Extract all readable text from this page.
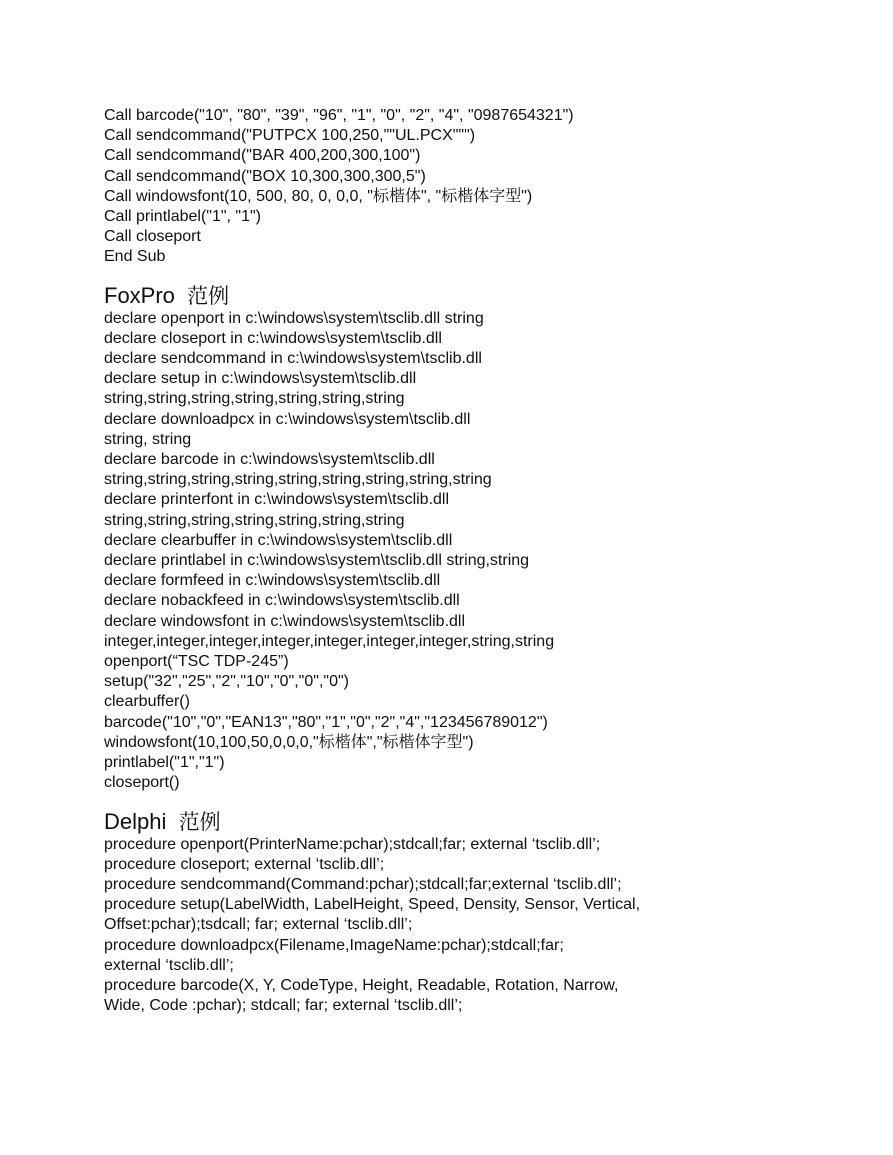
Call barcode("10", "80", "39", "96", "1", "0", "2", "4", "0987654321")
Call sendcommand("PUTPCX 100,250,""UL.PCX""")
Call sendcommand("BAR 400,200,300,100")
Call sendcommand("BOX 10,300,300,300,5")
Call windowsfont(10, 500, 80, 0, 0,0, "标楷体", "标楷体字型")
Call printlabel("1", "1")
Call closeport
End Sub
FoxPro 范例
declare openport in c:\windows\system\tsclib.dll string
declare closeport in c:\windows\system\tsclib.dll
declare sendcommand in c:\windows\system\tsclib.dll
declare setup in c:\windows\system\tsclib.dll
string,string,string,string,string,string,string
declare downloadpcx in c:\windows\system\tsclib.dll
string, string
declare barcode in c:\windows\system\tsclib.dll
string,string,string,string,string,string,string,string,string
declare printerfont in c:\windows\system\tsclib.dll
string,string,string,string,string,string,string
declare clearbuffer in c:\windows\system\tsclib.dll
declare printlabel in c:\windows\system\tsclib.dll string,string
declare formfeed in c:\windows\system\tsclib.dll
declare nobackfeed in c:\windows\system\tsclib.dll
declare windowsfont in c:\windows\system\tsclib.dll
integer,integer,integer,integer,integer,integer,integer,string,string
openport(“TSC TDP-245”)
setup("32","25","2","10","0","0","0")
clearbuffer()
barcode("10","0","EAN13","80","1","0","2","4","123456789012")
windowsfont(10,100,50,0,0,0,"标楷体","标楷体字型")
printlabel("1","1")
closeport()
Delphi 范例
procedure openport(PrinterName:pchar);stdcall;far; external ‘tsclib.dll’;
procedure closeport; external ‘tsclib.dll’;
procedure sendcommand(Command:pchar);stdcall;far;external ‘tsclib.dll’;
procedure setup(LabelWidth, LabelHeight, Speed, Density, Sensor, Vertical,
Offset:pchar);tsdcall; far; external ‘tsclib.dll’;
procedure downloadpcx(Filename,ImageName:pchar);stdcall;far;
external ‘tsclib.dll’;
procedure barcode(X, Y, CodeType, Height, Readable, Rotation, Narrow,
Wide, Code :pchar); stdcall; far; external ‘tsclib.dll’;
